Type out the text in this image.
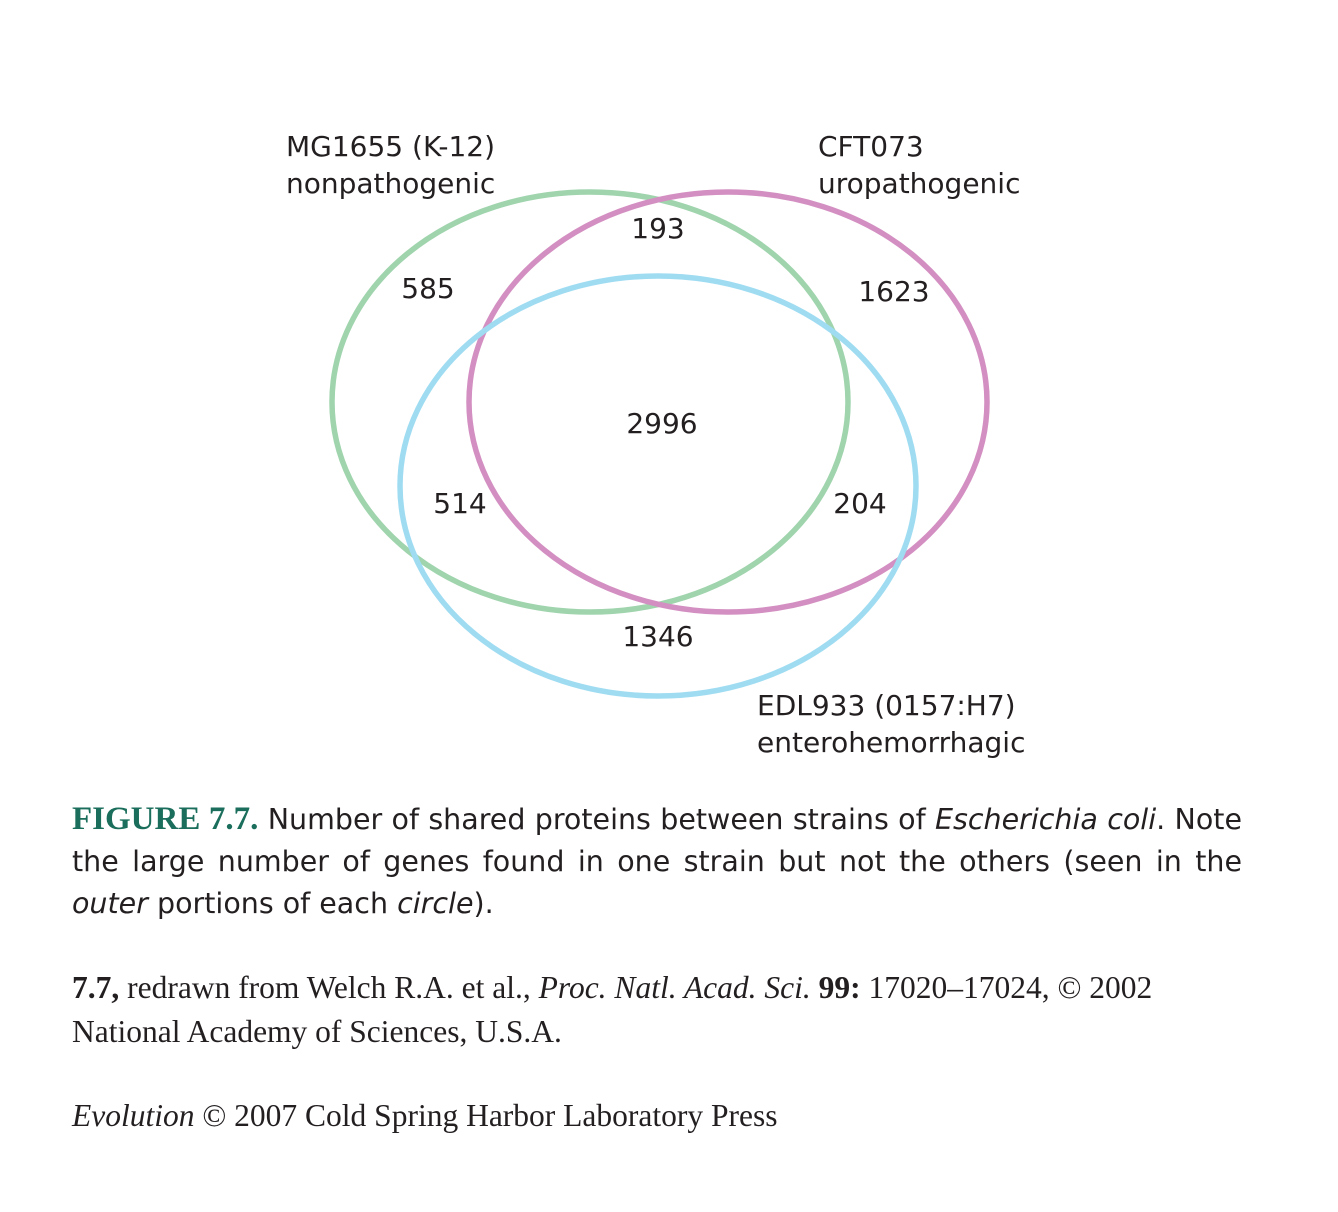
585
193
1623
2996
514	204
1346
MG1655 (K-12)
nonpathogenic
CFT073
uropathogenic
EDL933 (0157:H7)
enterohemorrhagic

FIGURE 7.7. Number of shared proteins between strains of Escherichia coli. Note the large number of genes found in one strain but not the others (seen in the outer portions of each circle).

7.7, redrawn from Welch R.A. et al., Proc. Natl. Acad. Sci. 99: 17020–17024, © 2002 National Academy of Sciences, U.S.A.

Evolution © 2007 Cold Spring Harbor Laboratory Press
